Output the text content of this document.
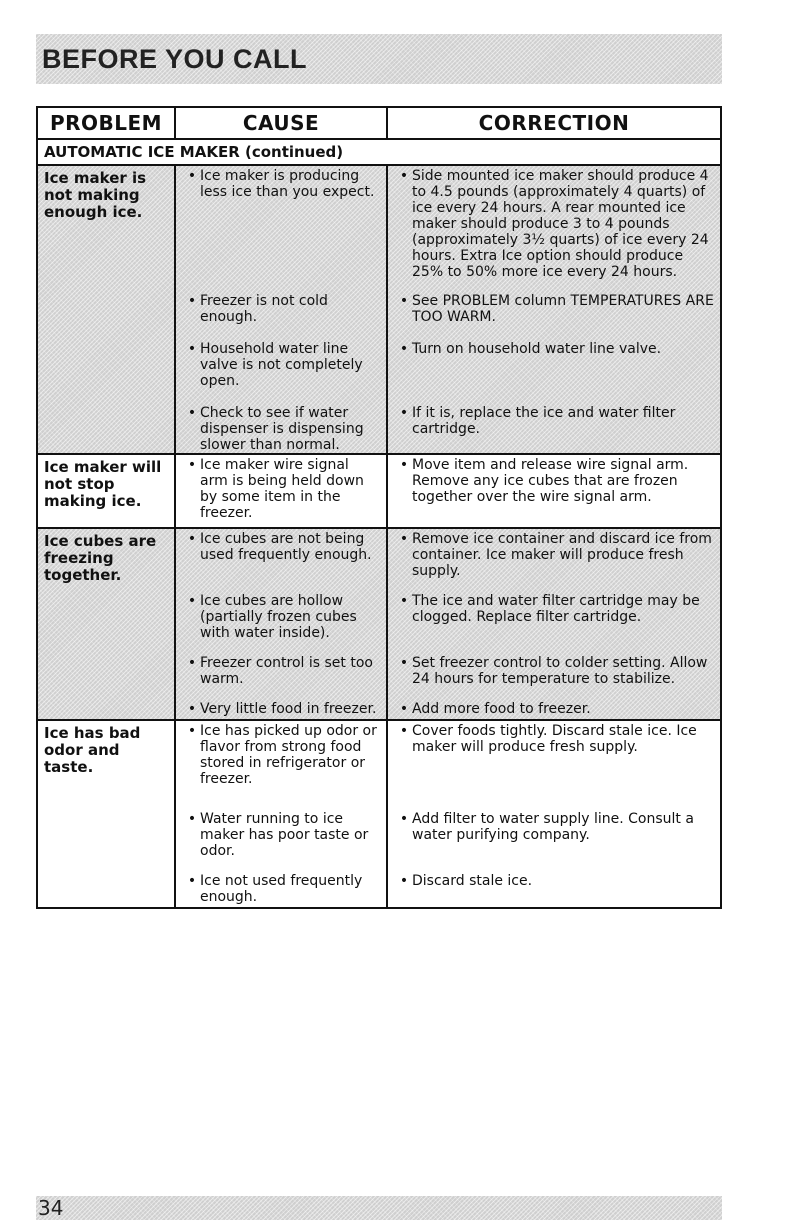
BEFORE YOU CALL
PROBLEM	CAUSE	CORRECTION
AUTOMATIC ICE MAKER (continued)
Ice maker is not making enough ice.
• Ice maker is producing less ice than you expect.
• Freezer is not cold enough.
• Household water line valve is not completely open.
• Check to see if water dispenser is dispensing slower than normal.
• Side mounted ice maker should produce 4 to 4.5 pounds (approximately 4 quarts) of ice every 24 hours. A rear mounted ice maker should produce 3 to 4 pounds (approximately 3½ quarts) of ice every 24 hours. Extra Ice option should produce 25% to 50% more ice every 24 hours.
• See PROBLEM column TEMPERATURES ARE TOO WARM.
• Turn on household water line valve.
• If it is, replace the ice and water filter cartridge.
Ice maker will not stop making ice.
• Ice maker wire signal arm is being held down by some item in the freezer.
• Move item and release wire signal arm. Remove any ice cubes that are frozen together over the wire signal arm.
Ice cubes are freezing together.
• Ice cubes are not being used frequently enough.
• Ice cubes are hollow (partially frozen cubes with water inside).
• Freezer control is set too warm.
• Very little food in freezer.
• Remove ice container and discard ice from container. Ice maker will produce fresh supply.
• The ice and water filter cartridge may be clogged. Replace filter cartridge.
• Set freezer control to colder setting. Allow 24 hours for temperature to stabilize.
• Add more food to freezer.
Ice has bad odor and taste.
• Ice has picked up odor or flavor from strong food stored in refrigerator or freezer.
• Water running to ice maker has poor taste or odor.
• Ice not used frequently enough.
• Cover foods tightly. Discard stale ice. Ice maker will produce fresh supply.
• Add filter to water supply line. Consult a water purifying company.
• Discard stale ice.
34
